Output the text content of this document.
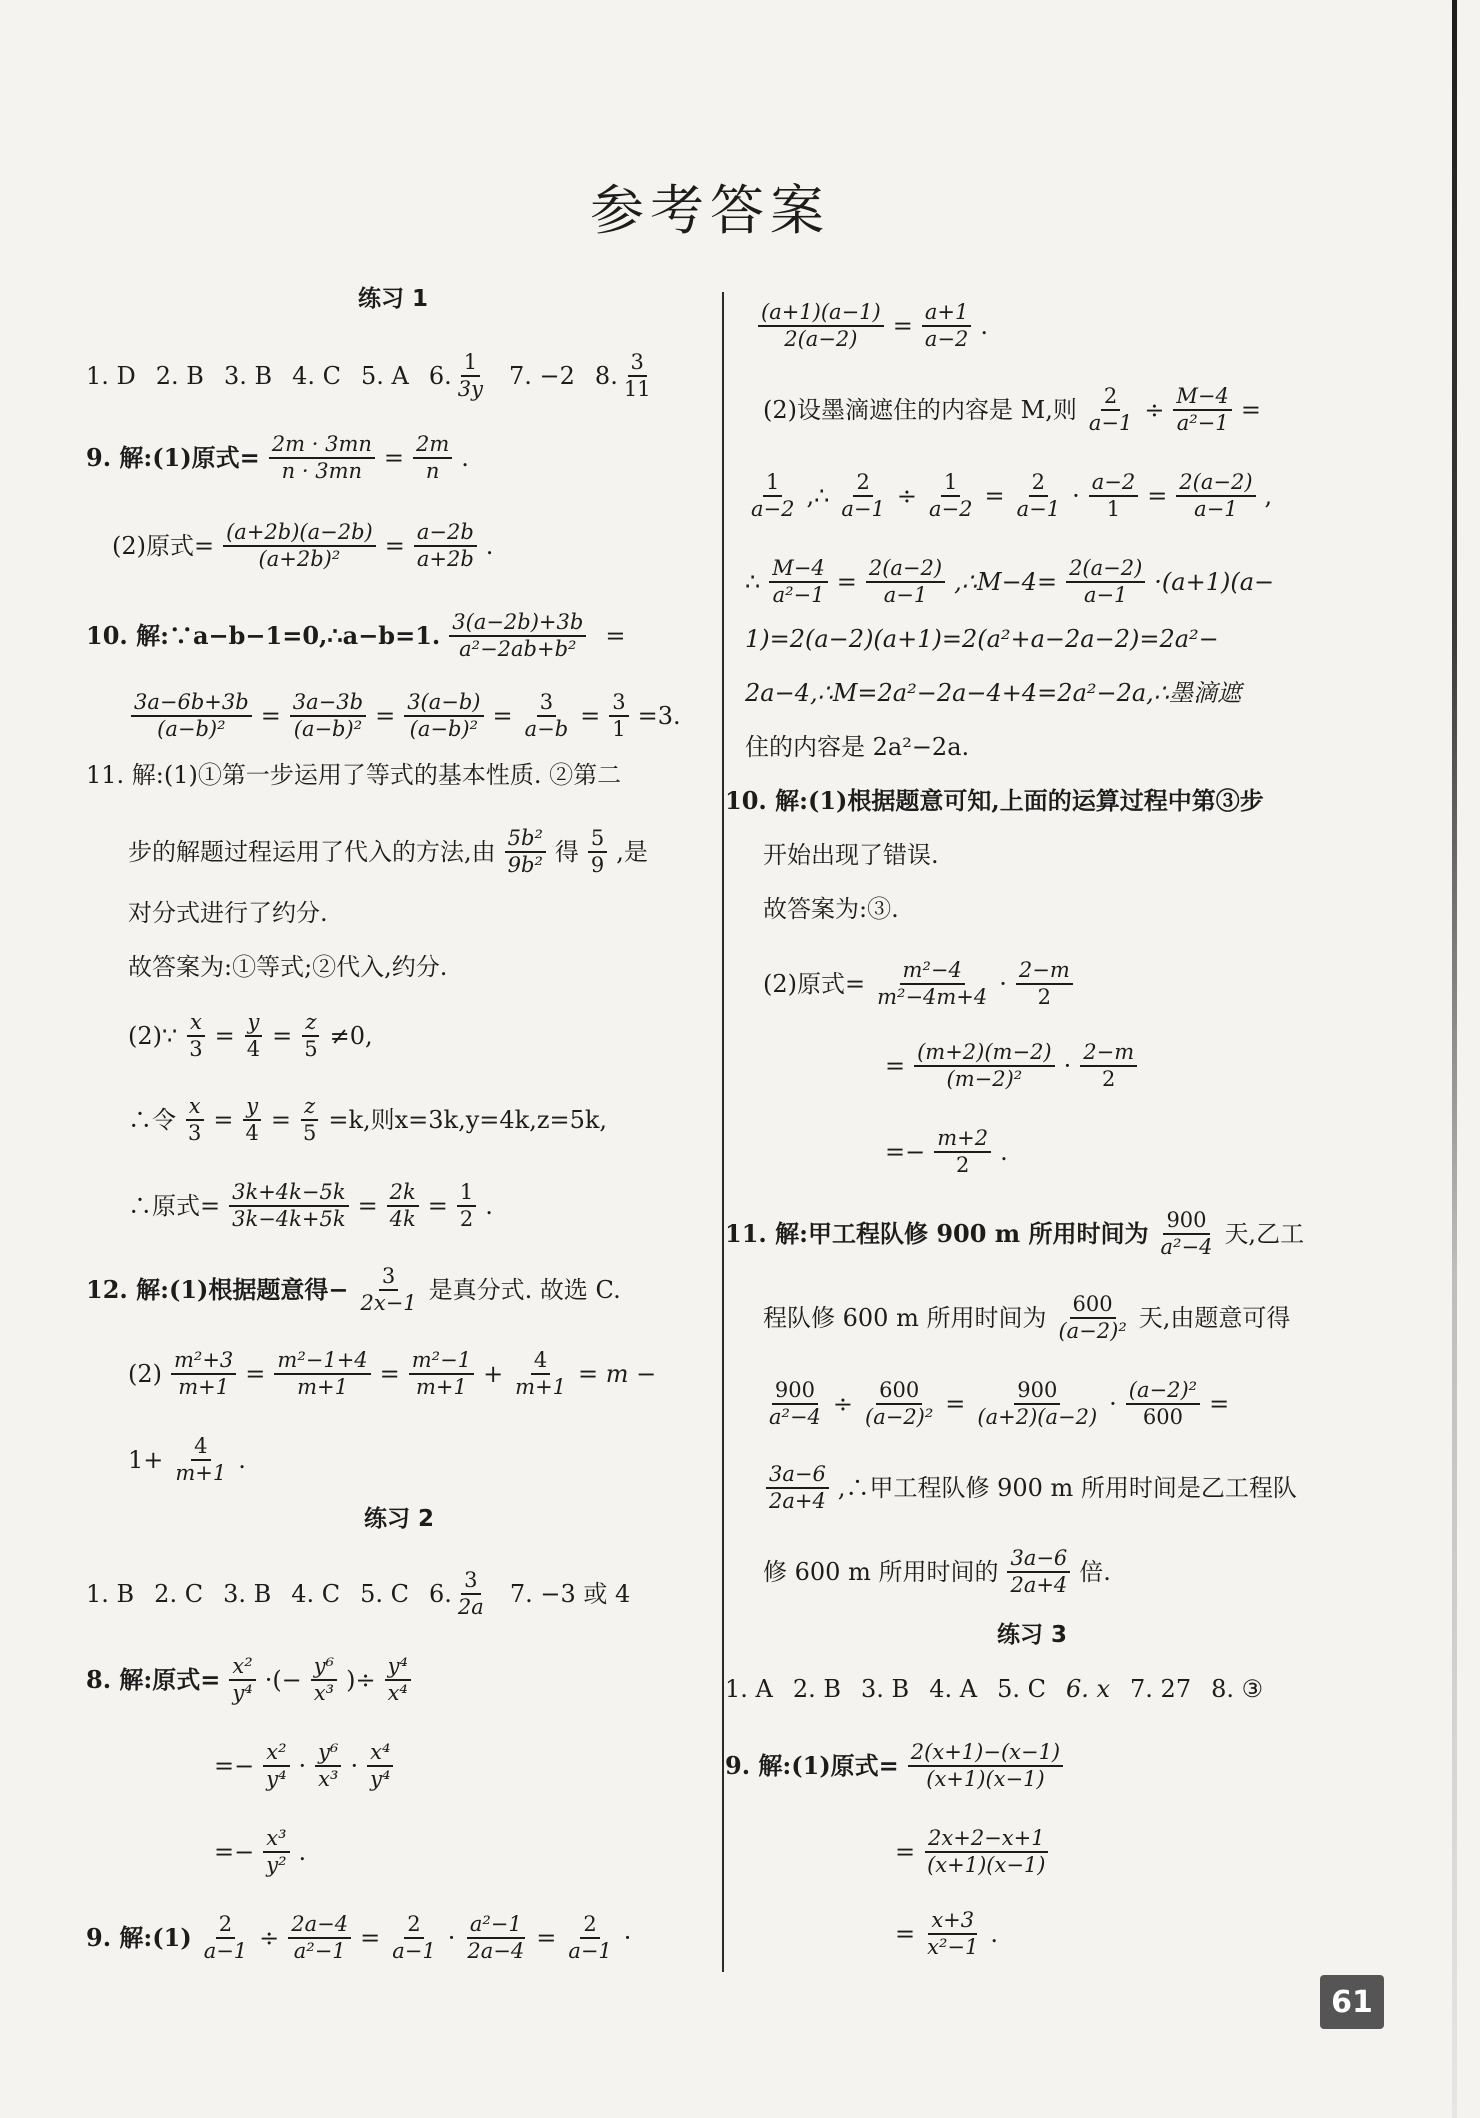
参考答案
练习 1
1. D 2. B 3. B 4. C 5. A 6. $\frac{1}{3y} 7$. −2 8. $\frac{3}{11}$
9. 解:(1)原式= $\frac{2m \cdot 3mn}{n \cdot 3mn} = \frac{2m}{n}$ .
(2)原式= $\frac{(a+2b)(a-2b)}{\text{(a+2b)²}} = \frac{a-2b}{a+2b}$ .
10. 解:∵a−b−1=0,∴a−b=1. $\frac{3(a-2b)+3b}{\text{a²−2ab+b²}}$ =
$\frac{3a-6b+3b}{\text{(a−b)²}} = \frac{3a-3b}{\text{(a−b)²}} = \frac{3(a-b)}{\text{(a−b)²}} = \frac{3}{a-b} = \frac{3}{1} =3$.
11. 解:(1)①第一步运用了等式的基本性质. ②第二
步的解题过程运用了代入的方法,由 $\frac{\text{5b²}}{\text{9b²}}$ 得 $\frac{5}{9}$ ,是
对分式进行了约分.
故答案为:①等式;②代入,约分.
(2)∵ $\frac{x}{3} = \frac{y}{4} = \frac{z}{5} \ne 0$,
∴令 $\frac{x}{3} = \frac{y}{4} = \frac{z}{5} =k$,则x=3k,y=4k,z=5k,
∴原式= $\frac{3k+4k-5k}{3k-4k+5k} = \frac{2k}{4k} = \frac{1}{2}$ .
12. 解:(1)根据题意得− $\frac{3}{2x-1}$ 是真分式. 故选 C.
$(2) \frac{\text{m²+3}}{m+1} = \frac{\text{m²−1+4}}{m+1} = \frac{\text{m²−1}}{m+1} + \frac{4}{m+1} = m$ −
$1+ \frac{4}{m+1}$ .
练习 2
1. B 2. C 3. B 4. C 5. C 6. $\frac{3}{2a} 7$. −3 或 4
8. 解:原式= $\frac{\text{x²}}{\text{y⁴}}$ ·(− $\frac{\text{y⁶}}{\text{x³}}$ )÷ $\frac{\text{y⁴}}{\text{x⁴}}$
=− $\frac{\text{x²}}{\text{y⁴}} \cdot \frac{\text{y⁶}}{\text{x³}} \cdot \frac{\text{x⁴}}{\text{y⁴}}$
=− $\frac{\text{x³}}{\text{y²}}$ .
9. 解:(1) $\frac{2}{a-1} \div \frac{2a-4}{\text{a²−1}} = \frac{2}{a-1} \cdot \frac{\text{a²−1}}{2a-4} = \frac{2}{a-1}$ ·
$\frac{(a+1)(a-1)}{2(a-2)} = \frac{a+1}{a-2}$ .
(2)设墨滴遮住的内容是 M,则 $\frac{2}{a-1} \div \frac{M-4}{\text{a²−1}}$ =
$\frac{1}{a-2}$ ,∴ $\frac{2}{a-1} \div \frac{1}{a-2} = \frac{2}{a-1} \cdot \frac{a-2}{1} = \frac{2(a-2)}{a-1}$ ,
∴ $\frac{M-4}{\text{a²−1}} = \frac{2(a-2)}{a-1}$ ,∴M−4= $\frac{2(a-2)}{a-1} \cdot(a+1)(a-$
1)=2(a−2)(a+1)=2(a²+a−2a−2)=2a²−
2a−4,∴M=2a²−2a−4+4=2a²−2a,∴墨滴遮
住的内容是 2a²−2a.
10. 解:(1)根据题意可知,上面的运算过程中第③步
开始出现了错误.
故答案为:③.
(2)原式= $\frac{\text{m²−4}}{\text{m²−4m+4}} \cdot \frac{2-m}{2}$
= $\frac{(m+2)(m-2)}{\text{(m−2)²}} \cdot \frac{2-m}{2}$
=− $\frac{m+2}{2}$ .
11. 解:甲工程队修 900 m 所用时间为 $\frac{900}{\text{a²−4}}$ 天,乙工
程队修 600 m 所用时间为 $\frac{600}{\text{(a−2)²}}$ 天,由题意可得
$\frac{900}{\text{a²−4}} \div \frac{600}{\text{(a−2)²}} = \frac{900}{(a+2)(a-2)} \cdot \frac{\text{(a−2)²}}{600}$ =
$\frac{3a-6}{2a+4}$ ,∴甲工程队修 900 m 所用时间是乙工程队
修 600 m 所用时间的 $\frac{3a-6}{2a+4}$ 倍.
练习 3
1. A 2. B 3. B 4. A 5. C 6. x 7. 27 8. ③
9. 解:(1)原式= $\frac{2(x+1)-(x-1)}{(x+1)(x-1)}$
= $\frac{2x+2-x+1}{(x+1)(x-1)}$
= $\frac{x+3}{\text{x²−1}}$ .
61
